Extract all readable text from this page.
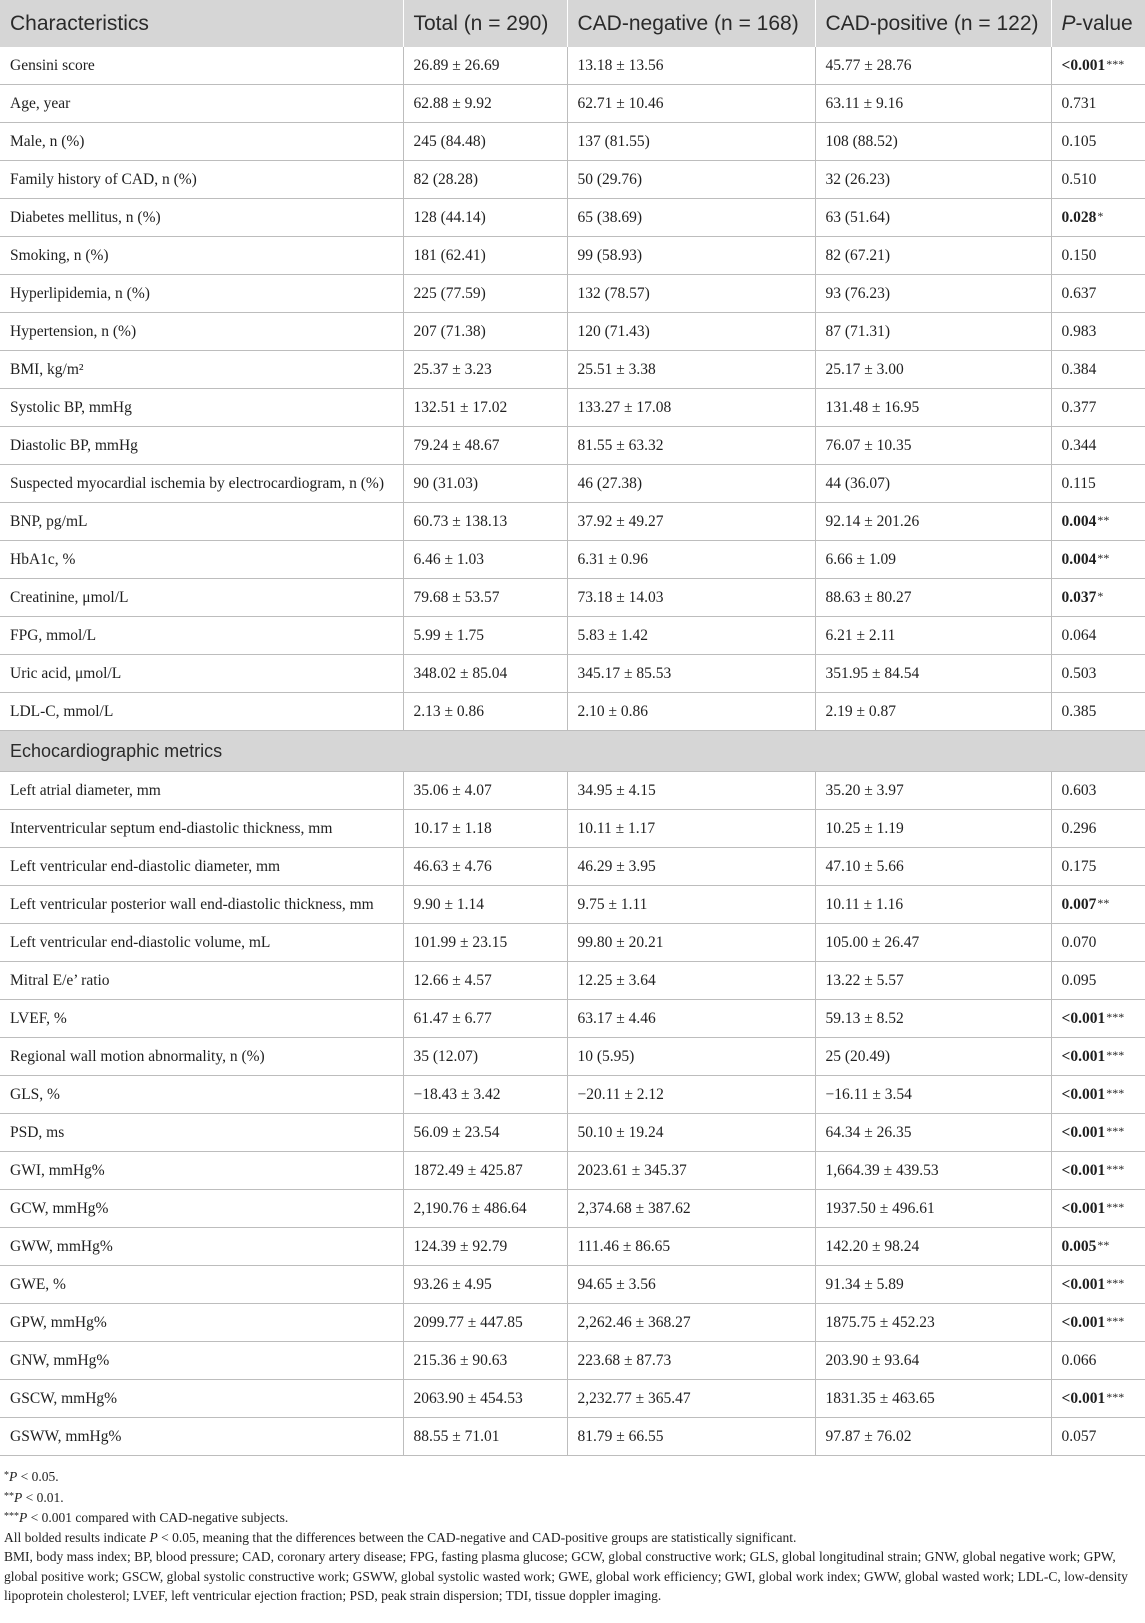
Characteristics	Total (n = 290)	CAD-negative (n = 168)	CAD-positive (n = 122)	P-value
Gensini score	26.89 ± 26.69	13.18 ± 13.56	45.77 ± 28.76	<0.001***
Age, year	62.88 ± 9.92	62.71 ± 10.46	63.11 ± 9.16	0.731
Male, n (%)	245 (84.48)	137 (81.55)	108 (88.52)	0.105
Family history of CAD, n (%)	82 (28.28)	50 (29.76)	32 (26.23)	0.510
Diabetes mellitus, n (%)	128 (44.14)	65 (38.69)	63 (51.64)	0.028*
Smoking, n (%)	181 (62.41)	99 (58.93)	82 (67.21)	0.150
Hyperlipidemia, n (%)	225 (77.59)	132 (78.57)	93 (76.23)	0.637
Hypertension, n (%)	207 (71.38)	120 (71.43)	87 (71.31)	0.983
BMI, kg/m²	25.37 ± 3.23	25.51 ± 3.38	25.17 ± 3.00	0.384
Systolic BP, mmHg	132.51 ± 17.02	133.27 ± 17.08	131.48 ± 16.95	0.377
Diastolic BP, mmHg	79.24 ± 48.67	81.55 ± 63.32	76.07 ± 10.35	0.344
Suspected myocardial ischemia by electrocardiogram, n (%)	90 (31.03)	46 (27.38)	44 (36.07)	0.115
BNP, pg/mL	60.73 ± 138.13	37.92 ± 49.27	92.14 ± 201.26	0.004**
HbA1c, %	6.46 ± 1.03	6.31 ± 0.96	6.66 ± 1.09	0.004**
Creatinine, μmol/L	79.68 ± 53.57	73.18 ± 14.03	88.63 ± 80.27	0.037*
FPG, mmol/L	5.99 ± 1.75	5.83 ± 1.42	6.21 ± 2.11	0.064
Uric acid, μmol/L	348.02 ± 85.04	345.17 ± 85.53	351.95 ± 84.54	0.503
LDL-C, mmol/L	2.13 ± 0.86	2.10 ± 0.86	2.19 ± 0.87	0.385
Echocardiographic metrics				
Left atrial diameter, mm	35.06 ± 4.07	34.95 ± 4.15	35.20 ± 3.97	0.603
Interventricular septum end-diastolic thickness, mm	10.17 ± 1.18	10.11 ± 1.17	10.25 ± 1.19	0.296
Left ventricular end-diastolic diameter, mm	46.63 ± 4.76	46.29 ± 3.95	47.10 ± 5.66	0.175
Left ventricular posterior wall end-diastolic thickness, mm	9.90 ± 1.14	9.75 ± 1.11	10.11 ± 1.16	0.007**
Left ventricular end-diastolic volume, mL	101.99 ± 23.15	99.80 ± 20.21	105.00 ± 26.47	0.070
Mitral E/e’ ratio	12.66 ± 4.57	12.25 ± 3.64	13.22 ± 5.57	0.095
LVEF, %	61.47 ± 6.77	63.17 ± 4.46	59.13 ± 8.52	<0.001***
Regional wall motion abnormality, n (%)	35 (12.07)	10 (5.95)	25 (20.49)	<0.001***
GLS, %	−18.43 ± 3.42	−20.11 ± 2.12	−16.11 ± 3.54	<0.001***
PSD, ms	56.09 ± 23.54	50.10 ± 19.24	64.34 ± 26.35	<0.001***
GWI, mmHg%	1872.49 ± 425.87	2023.61 ± 345.37	1,664.39 ± 439.53	<0.001***
GCW, mmHg%	2,190.76 ± 486.64	2,374.68 ± 387.62	1937.50 ± 496.61	<0.001***
GWW, mmHg%	124.39 ± 92.79	111.46 ± 86.65	142.20 ± 98.24	0.005**
GWE, %	93.26 ± 4.95	94.65 ± 3.56	91.34 ± 5.89	<0.001***
GPW, mmHg%	2099.77 ± 447.85	2,262.46 ± 368.27	1875.75 ± 452.23	<0.001***
GNW, mmHg%	215.36 ± 90.63	223.68 ± 87.73	203.90 ± 93.64	0.066
GSCW, mmHg%	2063.90 ± 454.53	2,232.77 ± 365.47	1831.35 ± 463.65	<0.001***
GSWW, mmHg%	88.55 ± 71.01	81.79 ± 66.55	97.87 ± 76.02	0.057

*P < 0.05.

**P < 0.01.

***P < 0.001 compared with CAD-negative subjects.

All bolded results indicate P < 0.05, meaning that the differences between the CAD-negative and CAD-positive groups are statistically significant.

BMI, body mass index; BP, blood pressure; CAD, coronary artery disease; FPG, fasting plasma glucose; GCW, global constructive work; GLS, global longitudinal strain; GNW, global negative work; GPW, global positive work; GSCW, global systolic constructive work; GSWW, global systolic wasted work; GWE, global work efficiency; GWI, global work index; GWW, global wasted work; LDL-C, low-density lipoprotein cholesterol; LVEF, left ventricular ejection fraction; PSD, peak strain dispersion; TDI, tissue doppler imaging.
